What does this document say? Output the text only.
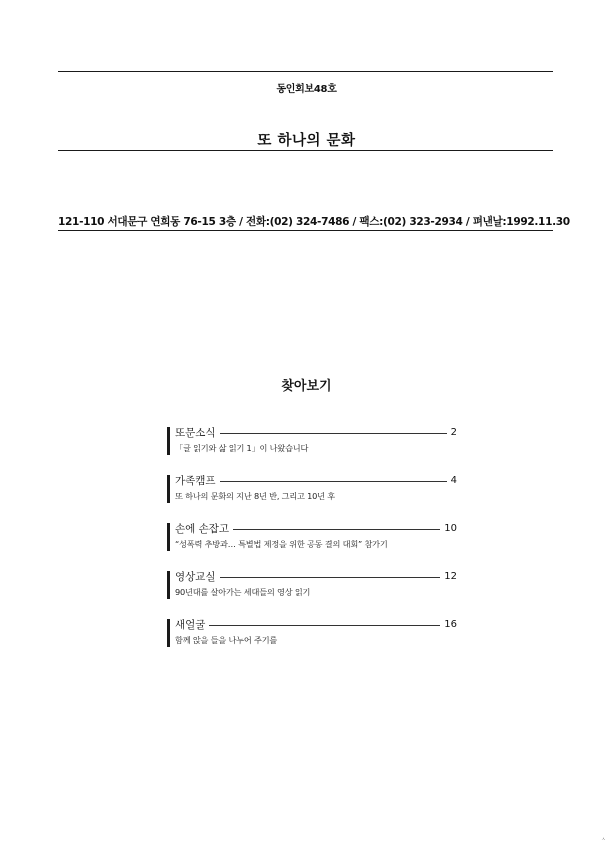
동인회보48호
또 하나의 문화
121-110 서대문구 연희동 76-15 3층 / 전화:(02) 324-7486 / 팩스:(02) 323-2934 / 펴낸날:1992.11.30
찾아보기
또문소식	2
「글 읽기와 삶 읽기 1」이 나왔습니다
가족캠프	4
또 하나의 문화의 지난 8년 반, 그리고 10년 후
손에 손잡고	10
“성폭력 추방과… 특별법 제정을 위한 공동 결의 대회” 참가기
영상교실	12
90년대를 살아가는 세대들의 영상 읽기
새얼굴	16
함께 앉을 들을 나누어 주기를
ㅅ
